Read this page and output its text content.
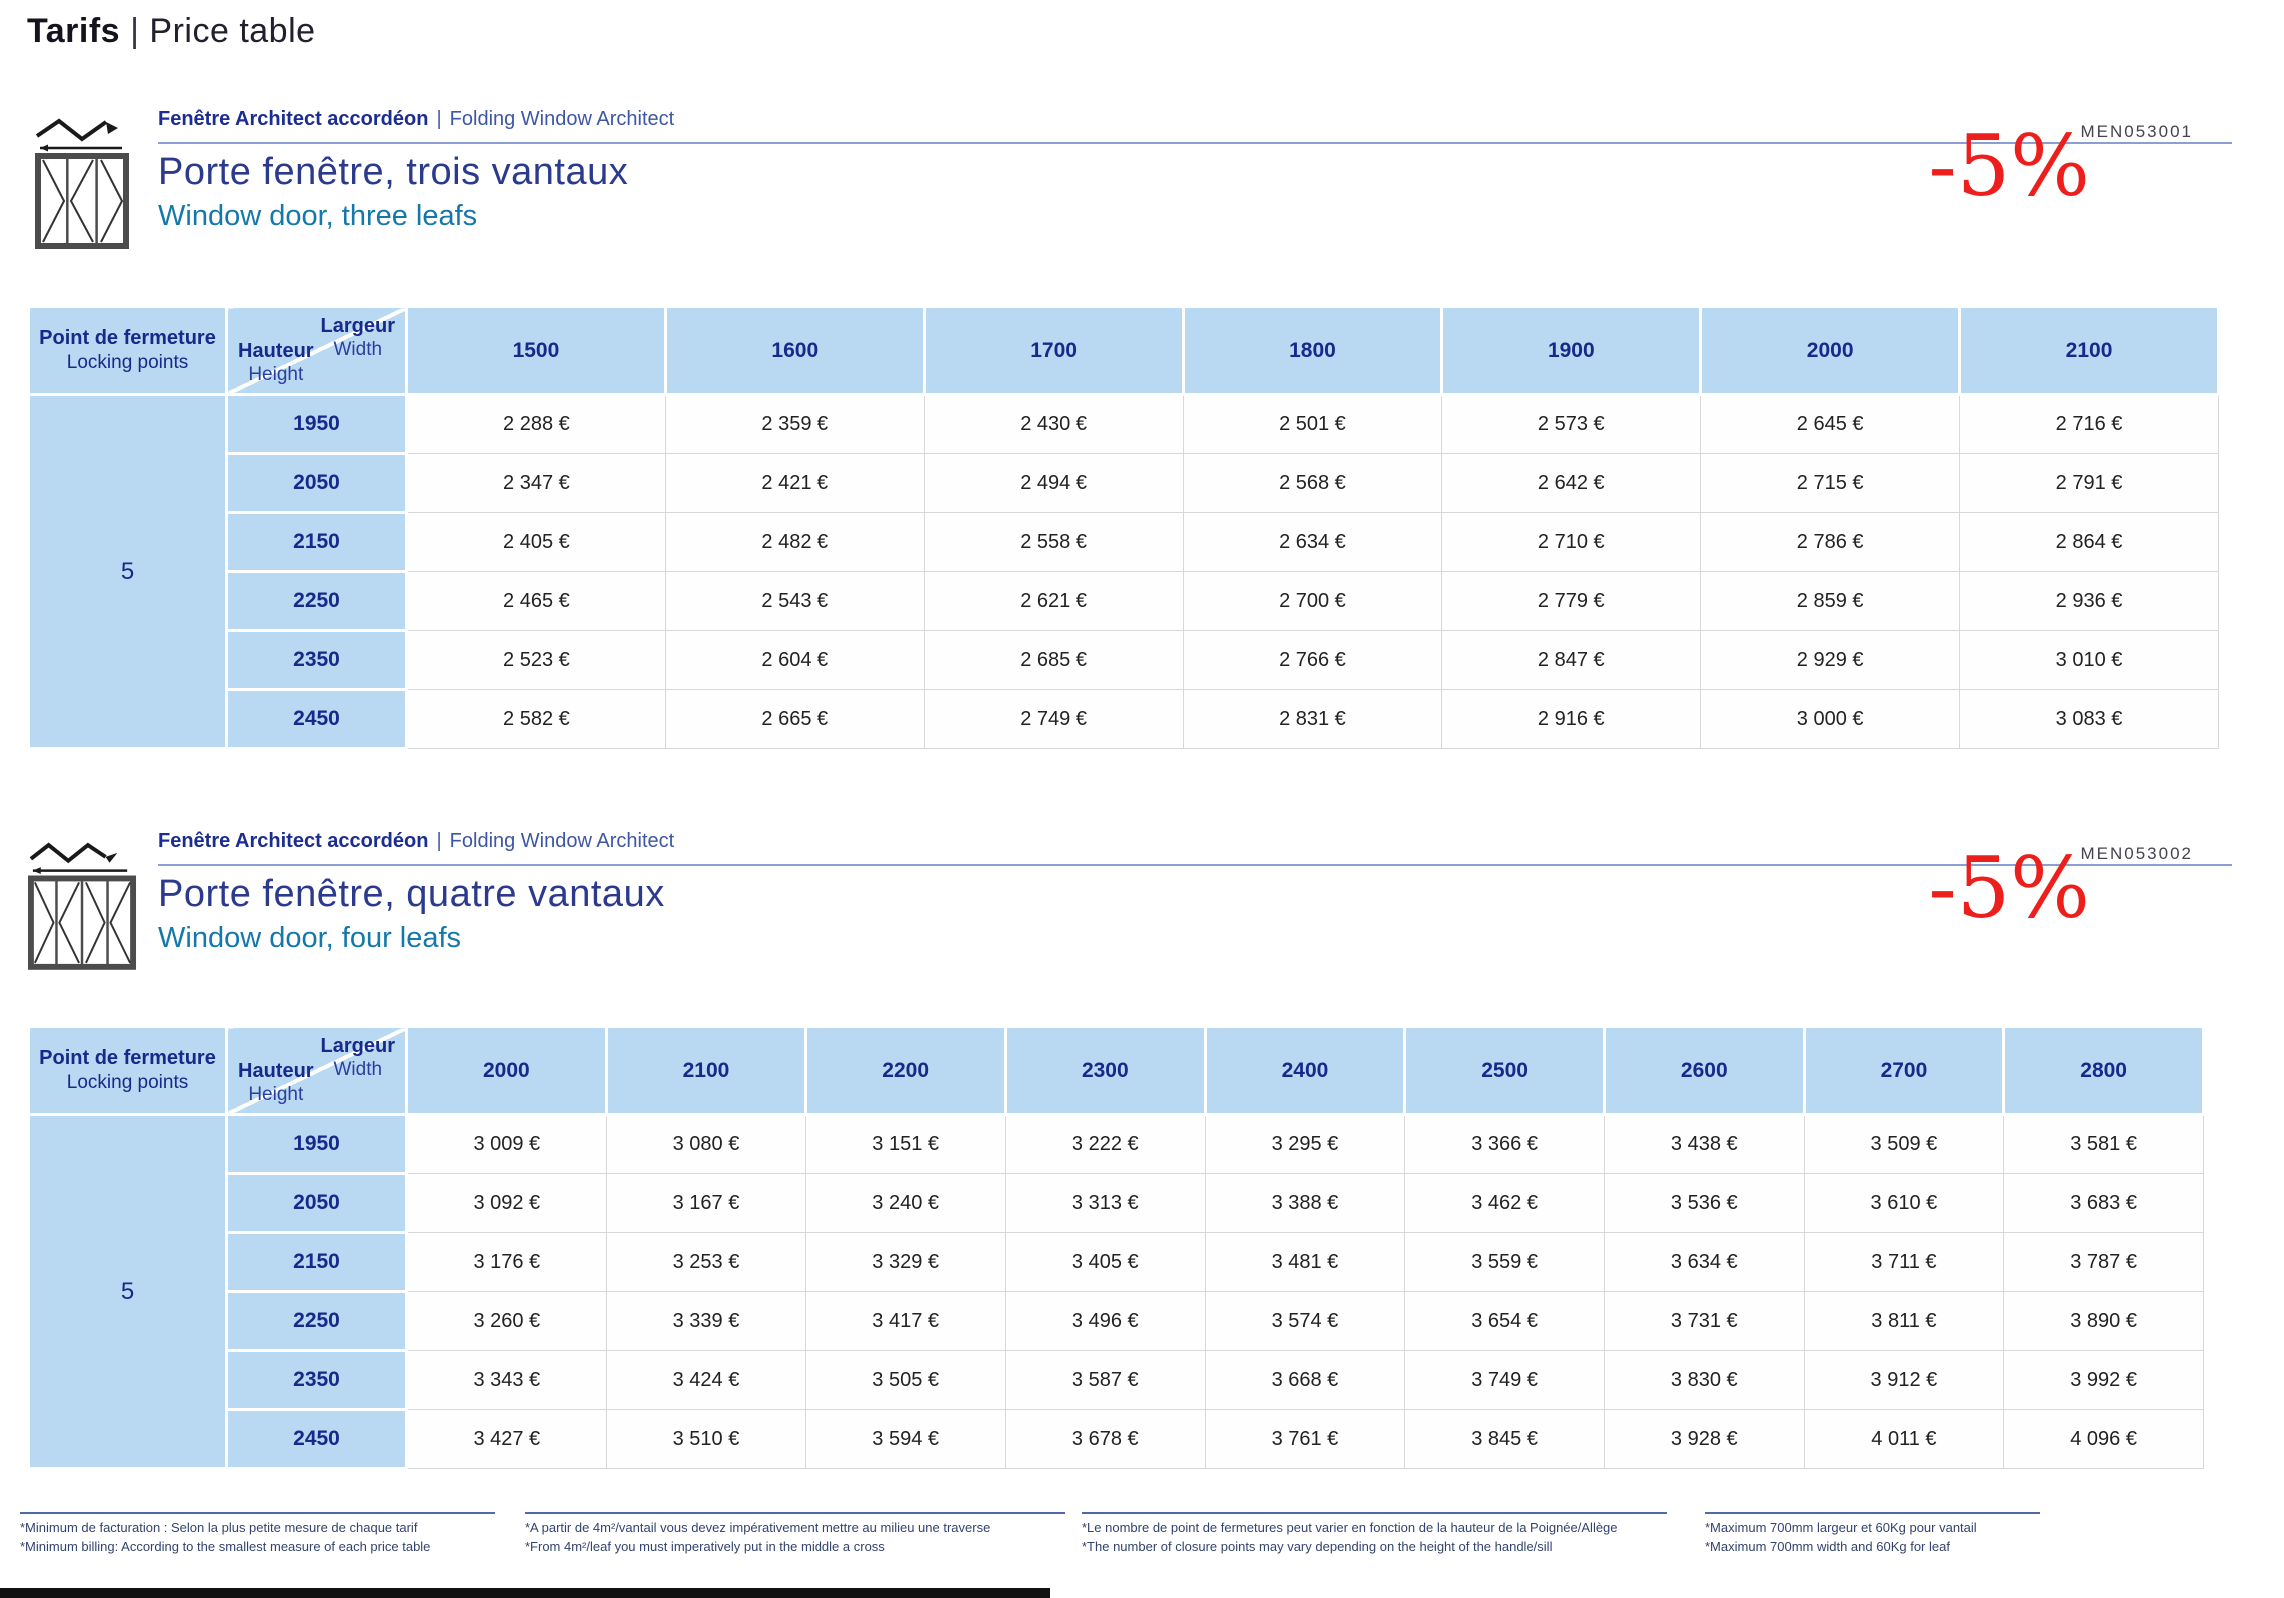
Tarifs | Price table
Fenêtre Architect accordéon | Folding Window Architect
Porte fenêtre, trois vantaux
Window door, three leafs
MEN053001
-5%
Point de fermeture
Locking points

Largeur
Width
Hauteur
Height
	1500	1600	1700	1800	1900	2000	2100
5	1950	2 288 €	2 359 €	2 430 €	2 501 €	2 573 €	2 645 €	2 716 €
	2050	2 347 €	2 421 €	2 494 €	2 568 €	2 642 €	2 715 €	2 791 €
	2150	2 405 €	2 482 €	2 558 €	2 634 €	2 710 €	2 786 €	2 864 €
	2250	2 465 €	2 543 €	2 621 €	2 700 €	2 779 €	2 859 €	2 936 €
	2350	2 523 €	2 604 €	2 685 €	2 766 €	2 847 €	2 929 €	3 010 €
	2450	2 582 €	2 665 €	2 749 €	2 831 €	2 916 €	3 000 €	3 083 €
Fenêtre Architect accordéon | Folding Window Architect
Porte fenêtre, quatre vantaux
Window door, four leafs
MEN053002
-5%
Point de fermeture
Locking points

Largeur
Width
Hauteur
Height
	2000	2100	2200	2300	2400	2500	2600	2700	2800
5	1950	3 009 €	3 080 €	3 151 €	3 222 €	3 295 €	3 366 €	3 438 €	3 509 €	3 581 €
	2050	3 092 €	3 167 €	3 240 €	3 313 €	3 388 €	3 462 €	3 536 €	3 610 €	3 683 €
	2150	3 176 €	3 253 €	3 329 €	3 405 €	3 481 €	3 559 €	3 634 €	3 711 €	3 787 €
	2250	3 260 €	3 339 €	3 417 €	3 496 €	3 574 €	3 654 €	3 731 €	3 811 €	3 890 €
	2350	3 343 €	3 424 €	3 505 €	3 587 €	3 668 €	3 749 €	3 830 €	3 912 €	3 992 €
	2450	3 427 €	3 510 €	3 594 €	3 678 €	3 761 €	3 845 €	3 928 €	4 011 €	4 096 €
*Minimum de facturation : Selon la plus petite mesure de chaque tarif
*Minimum billing: According to the smallest measure of each price table
*A partir de 4m²/vantail vous devez impérativement mettre au milieu une traverse
*From 4m²/leaf you must imperatively put in the middle a cross
*Le nombre de point de fermetures peut varier en fonction de la hauteur de la Poignée/Allège
*The number of closure points may vary depending on the height of the handle/sill
*Maximum 700mm largeur et 60Kg pour vantail
*Maximum 700mm width and 60Kg for leaf
